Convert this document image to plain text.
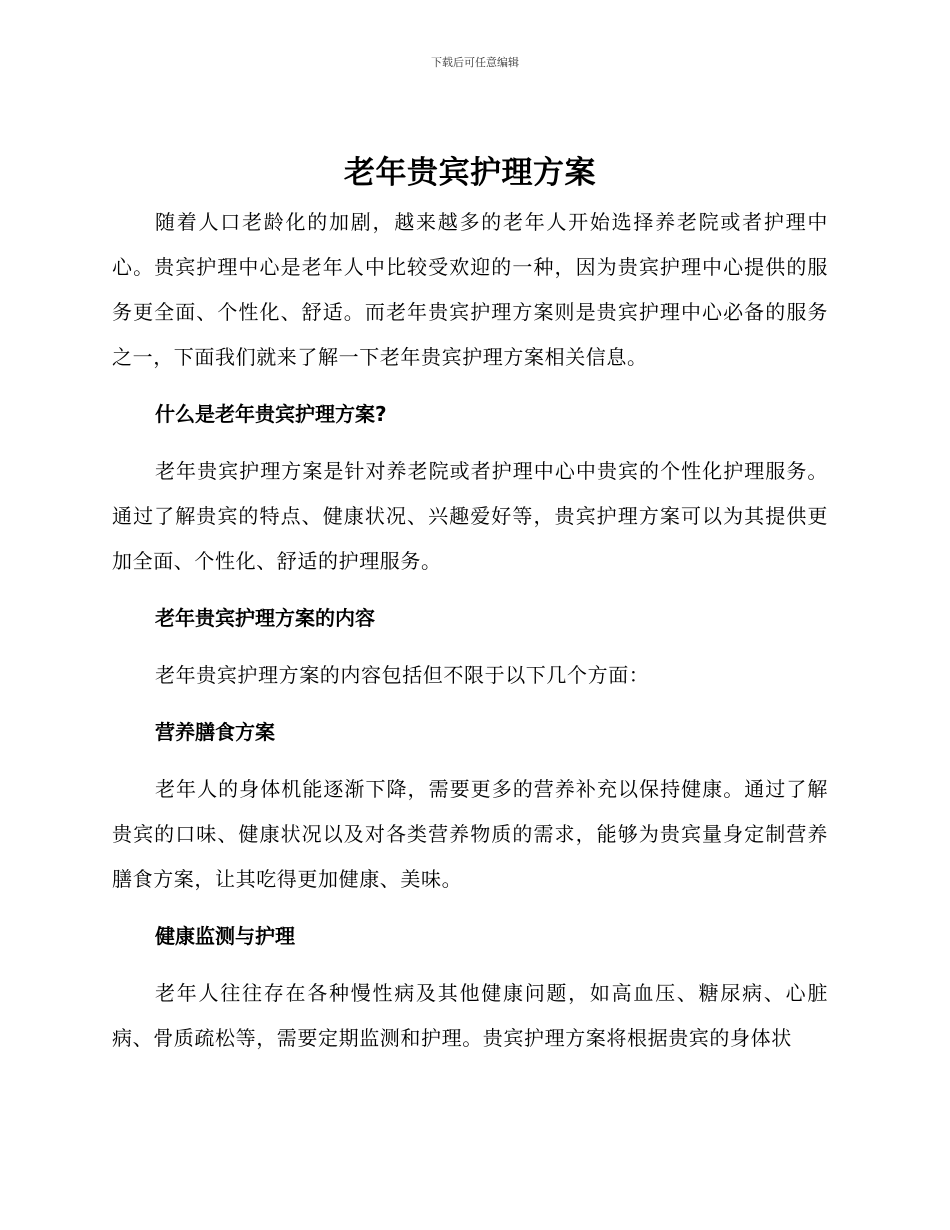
下载后可任意编辑
老年贵宾护理方案

随着人口老龄化的加剧，越来越多的老年人开始选择养老院或者护理中心。贵宾护理中心是老年人中比较受欢迎的一种，因为贵宾护理中心提供的服务更全面、个性化、舒适。而老年贵宾护理方案则是贵宾护理中心必备的服务之一，下面我们就来了解一下老年贵宾护理方案相关信息。

什么是老年贵宾护理方案?

老年贵宾护理方案是针对养老院或者护理中心中贵宾的个性化护理服务。通过了解贵宾的特点、健康状况、兴趣爱好等，贵宾护理方案可以为其提供更加全面、个性化、舒适的护理服务。

老年贵宾护理方案的内容

老年贵宾护理方案的内容包括但不限于以下几个方面：

营养膳食方案

老年人的身体机能逐渐下降，需要更多的营养补充以保持健康。通过了解贵宾的口味、健康状况以及对各类营养物质的需求，能够为贵宾量身定制营养膳食方案，让其吃得更加健康、美味。

健康监测与护理

老年人往往存在各种慢性病及其他健康问题，如高血压、糖尿病、心脏病、骨质疏松等，需要定期监测和护理。贵宾护理方案将根据贵宾的身体状
